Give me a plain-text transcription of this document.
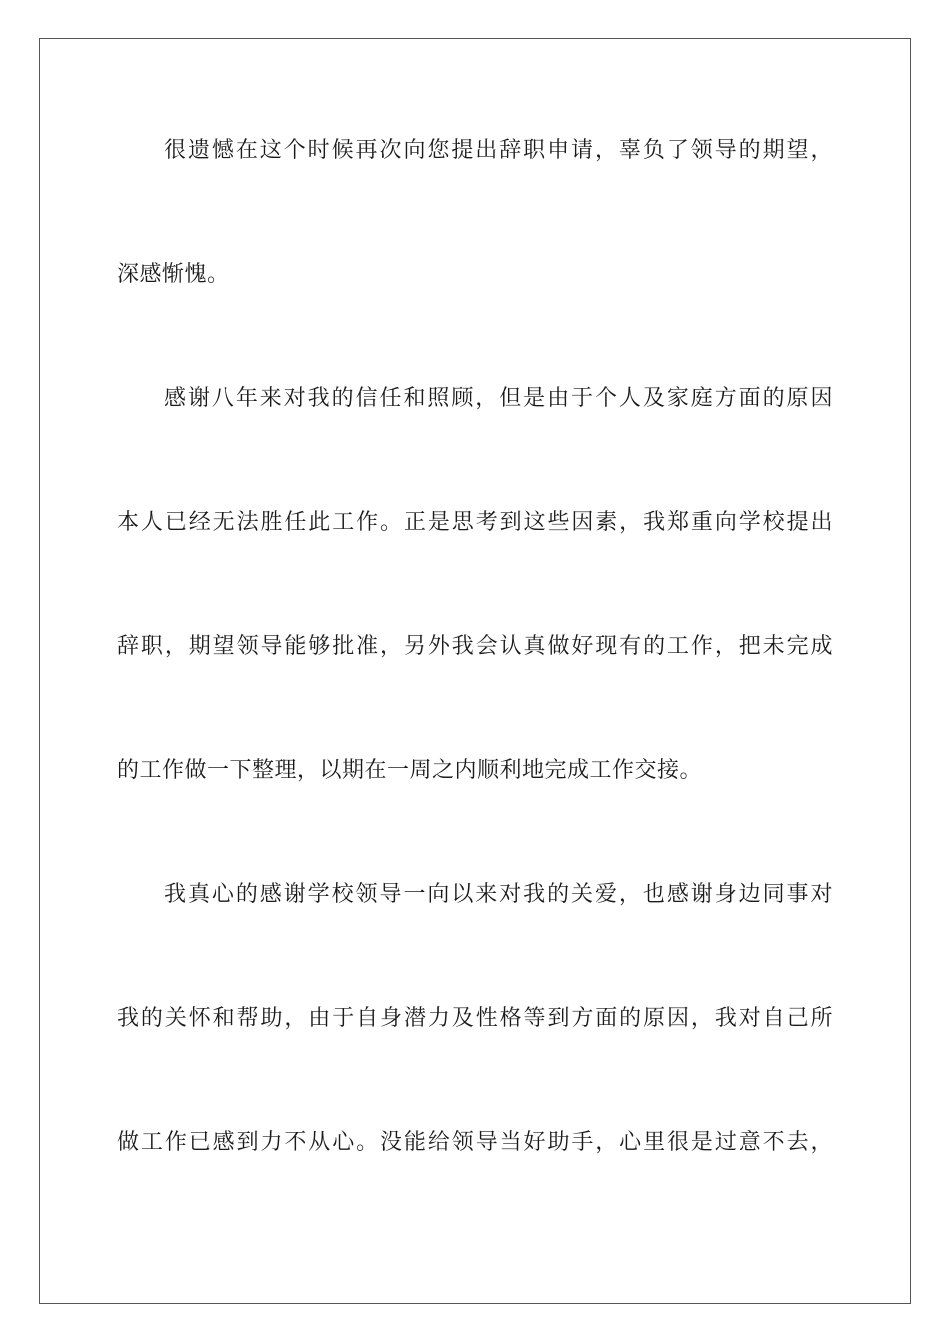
很遗憾在这个时候再次向您提出辞职申请，辜负了领导的期望，
深感惭愧。
感谢八年来对我的信任和照顾，但是由于个人及家庭方面的原因
本人已经无法胜任此工作。正是思考到这些因素，我郑重向学校提出
辞职，期望领导能够批准，另外我会认真做好现有的工作，把未完成
的工作做一下整理，以期在一周之内顺利地完成工作交接。
我真心的感谢学校领导一向以来对我的关爱，也感谢身边同事对
我的关怀和帮助，由于自身潜力及性格等到方面的原因，我对自己所
做工作已感到力不从心。没能给领导当好助手，心里很是过意不去，
